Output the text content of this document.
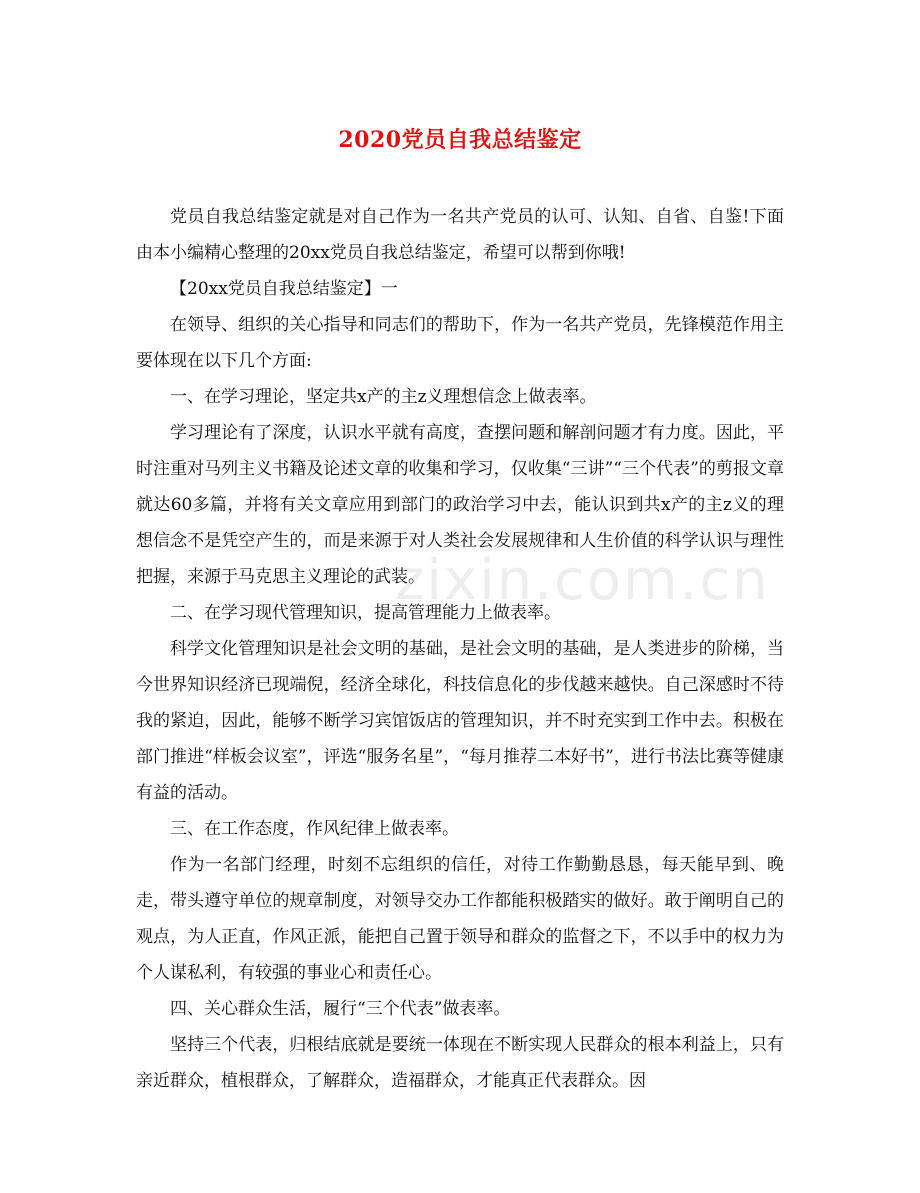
2020党员自我总结鉴定

党员自我总结鉴定就是对自己作为一名共产党员的认可、认知、自省、自鉴!下面由本小编精心整理的20xx党员自我总结鉴定，希望可以帮到你哦!

【20xx党员自我总结鉴定】一

在领导、组织的关心指导和同志们的帮助下，作为一名共产党员，先锋模范作用主要体现在以下几个方面:

一、在学习理论，坚定共x产的主z义理想信念上做表率。

学习理论有了深度，认识水平就有高度，查摆问题和解剖问题才有力度。因此，平时注重对马列主义书籍及论述文章的收集和学习，仅收集“三讲”“三个代表”的剪报文章就达60多篇，并将有关文章应用到部门的政治学习中去，能认识到共x产的主z义的理想信念不是凭空产生的，而是来源于对人类社会发展规律和人生价值的科学认识与理性把握，来源于马克思主义理论的武装。

二、在学习现代管理知识，提高管理能力上做表率。

科学文化管理知识是社会文明的基础，是社会文明的基础，是人类进步的阶梯，当今世界知识经济已现端倪，经济全球化，科技信息化的步伐越来越快。自己深感时不待我的紧迫，因此，能够不断学习宾馆饭店的管理知识，并不时充实到工作中去。积极在部门推进“样板会议室”，评选“服务名星”，“每月推荐二本好书”，进行书法比赛等健康有益的活动。

三、在工作态度，作风纪律上做表率。

作为一名部门经理，时刻不忘组织的信任，对待工作勤勤恳恳，每天能早到、晚走，带头遵守单位的规章制度，对领导交办工作都能积极踏实的做好。敢于阐明自己的观点，为人正直，作风正派，能把自己置于领导和群众的监督之下，不以手中的权力为个人谋私利，有较强的事业心和责任心。

四、关心群众生活，履行“三个代表”做表率。

坚持三个代表，归根结底就是要统一体现在不断实现人民群众的根本利益上，只有亲近群众，植根群众，了解群众，造福群众，才能真正代表群众。因

zixin.com.cn
